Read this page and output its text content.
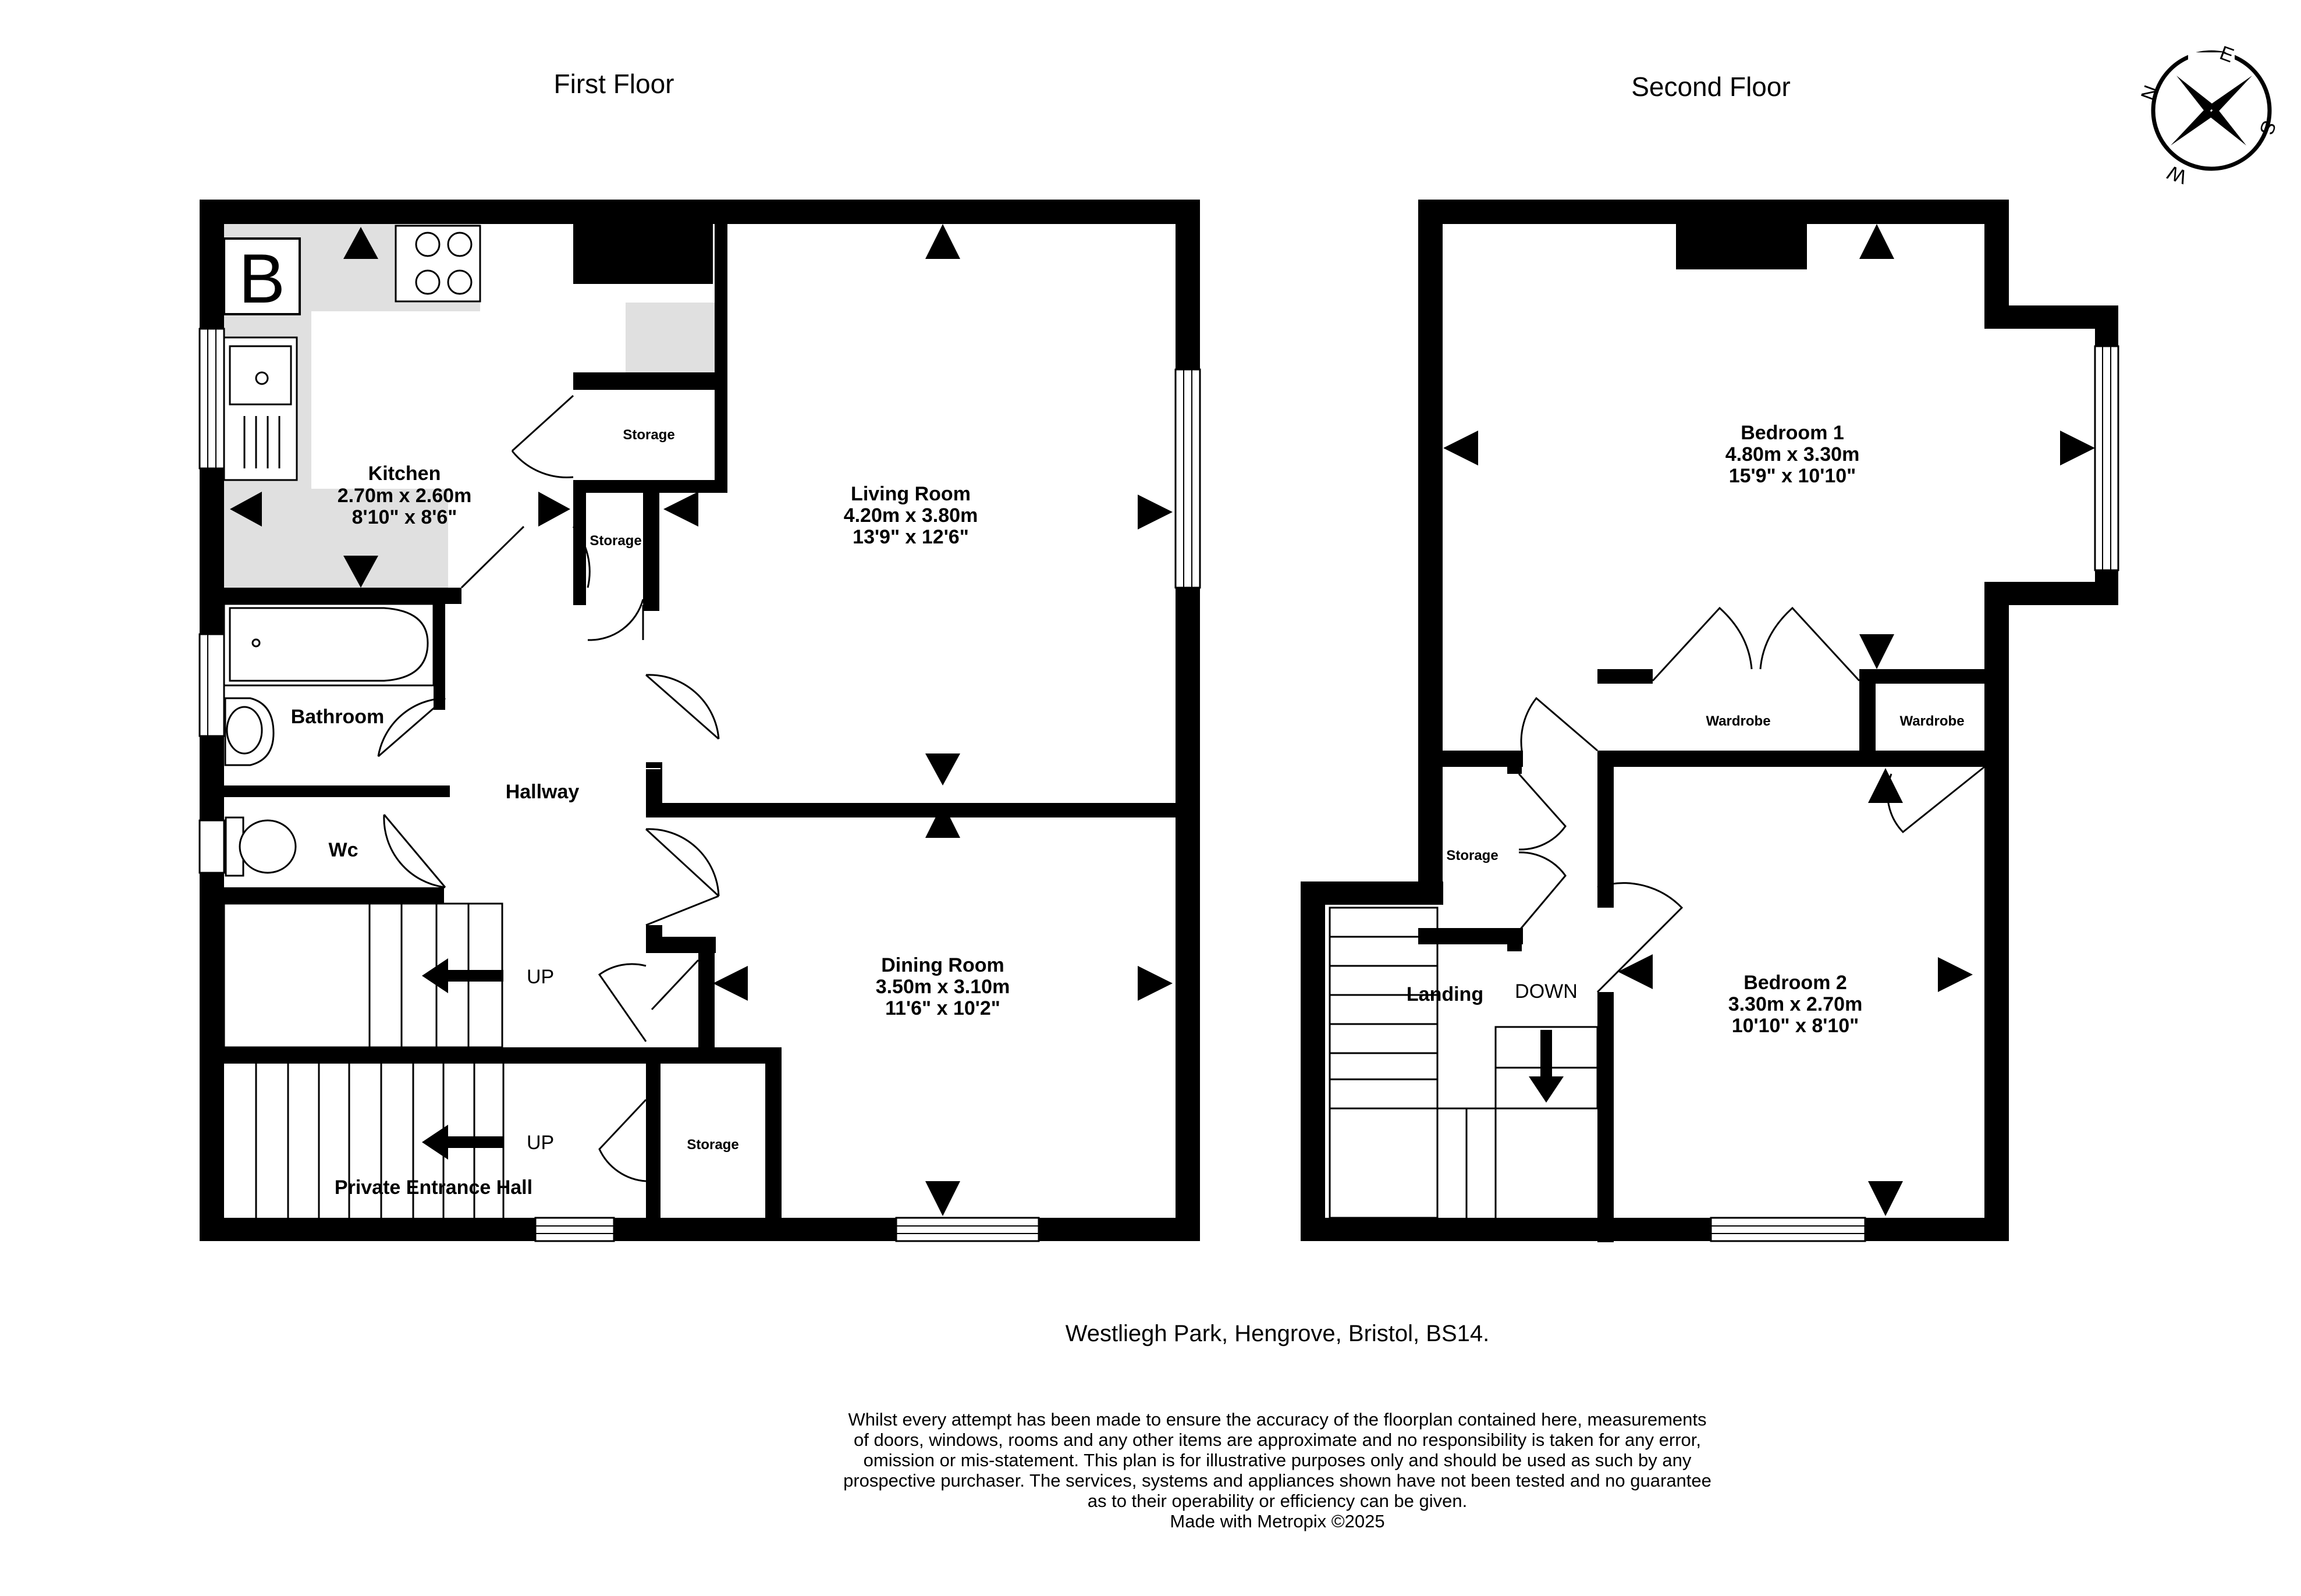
First Floor	Second Floor	N
E
S
W
UP
UP
B
Kitchen
2.70m x 2.60m
8'10" x 8'6"
Living Room
4.20m x 3.80m
13'9" x 12'6"
Dining Room
3.50m x 3.10m
11'6" x 10'2"
Bathroom
Wc
Hallway
Private Entrance Hall
Storage
Storage
Storage
Bedroom 1
4.80m x 3.30m
15'9" x 10'10"
Bedroom 2
3.30m x 2.70m
10'10" x 8'10"
Wardrobe	Wardrobe
Storage
Landing DOWN
Westliegh Park, Hengrove, Bristol, BS14.
Whilst every attempt has been made to ensure the accuracy of the floorplan contained here, measurements
of doors, windows, rooms and any other items are approximate and no responsibility is taken for any error,
omission or mis-statement. This plan is for illustrative purposes only and should be used as such by any
prospective purchaser. The services, systems and appliances shown have not been tested and no guarantee
as to their operability or efficiency can be given.
Made with Metropix ©2025
